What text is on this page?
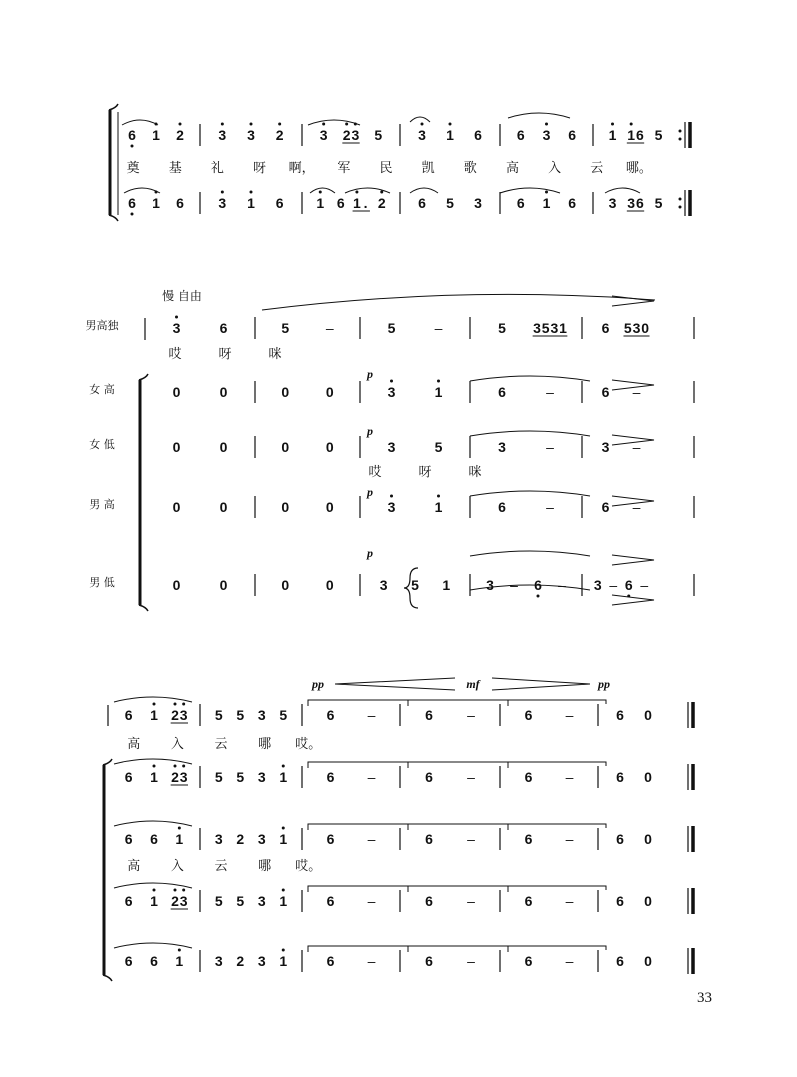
6 1 2 3 3 2	3 2 3 5	3 1 6	6 3 6 1 1 6 5
奠 基 礼 呀 啊， 军 民 凯 歌 高 入 云 哪。
6 1 6 3 1 6 1 6 1 . 2 6 5 3	6 1 6 3 3 6 5
慢 自由
男高独	3	6	5	–	5	–	5 3 5 3 1 6 5 3 0
女 高	0	0	0	0	3	1	6	–	6 –
女 低	0	0	0	0	3	5	3	–	3 –
男 高	0	0	0	0	3	1	6	–	6 –
男 低	0	0	0	0	3 5 1	3 – 6 – 3 – 6 –
哎	呀	咪
哎	呀	咪
p
p
p
p
6 1 2 3 5 5 3 5	6 –	6 –	6 –	6 0
6 1 2 3 5 5 3 1	6 –	6 –	6 –	6 0
6 6 1 3 2 3 1	6 –	6 –	6 –	6 0
6 1 2 3 5 5 3 1	6 –	6 –	6 –	6 0
6 6 1 3 2 3 1	6 –	6 –	6 –	6 0
高 入 云 哪 哎。
高 入 云 哪 哎。
pp	mf	pp
33
